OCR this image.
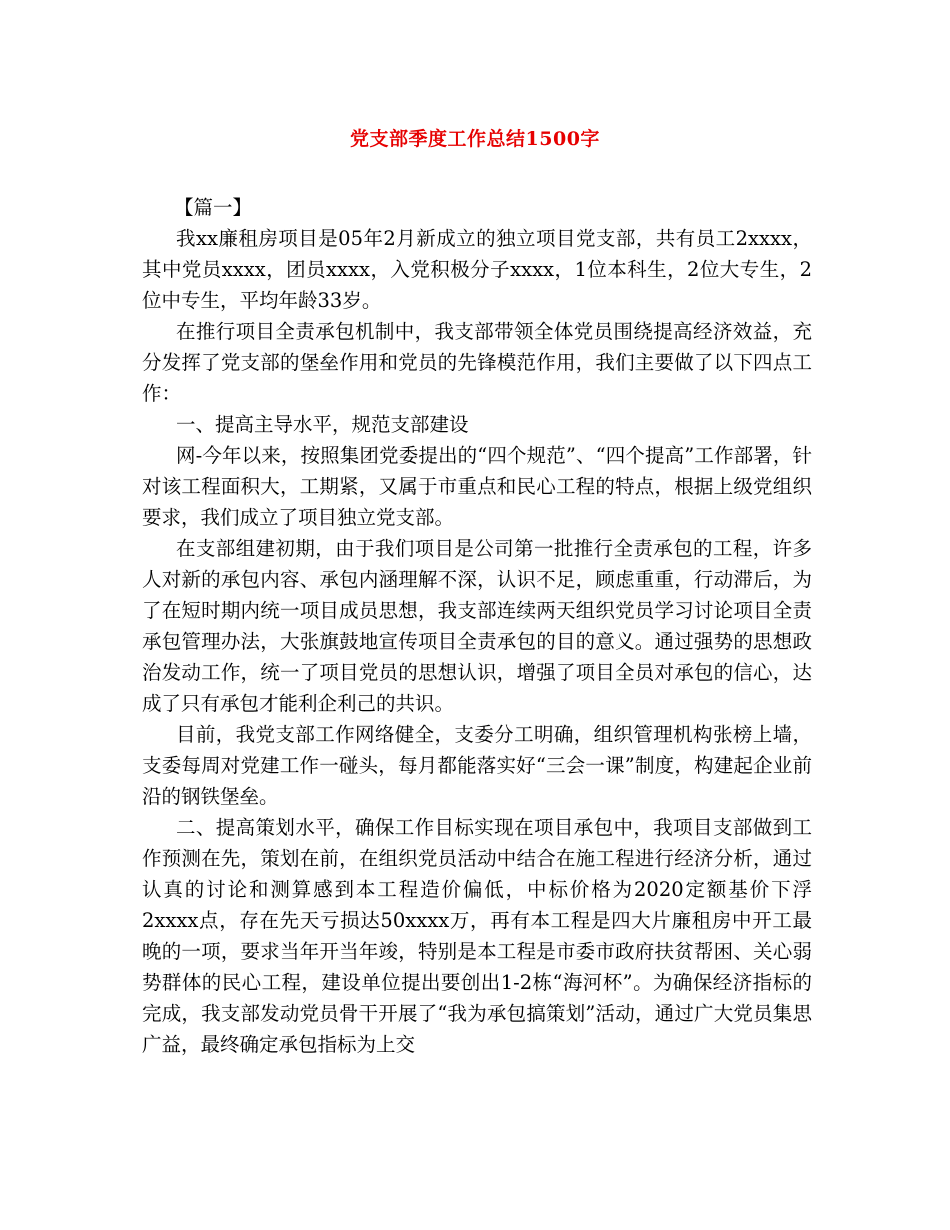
党支部季度工作总结1500字

【篇一】

我xx廉租房项目是05年2月新成立的独立项目党支部，共有员工2xxxx，其中党员xxxx，团员xxxx，入党积极分子xxxx，1位本科生，2位大专生，2位中专生，平均年龄33岁。

在推行项目全责承包机制中，我支部带领全体党员围绕提高经济效益，充分发挥了党支部的堡垒作用和党员的先锋模范作用，我们主要做了以下四点工作：

一、提高主导水平，规范支部建设

网-今年以来，按照集团党委提出的“四个规范”、“四个提高”工作部署，针对该工程面积大，工期紧，又属于市重点和民心工程的特点，根据上级党组织要求，我们成立了项目独立党支部。

在支部组建初期，由于我们项目是公司第一批推行全责承包的工程，许多人对新的承包内容、承包内涵理解不深，认识不足，顾虑重重，行动滞后，为了在短时期内统一项目成员思想，我支部连续两天组织党员学习讨论项目全责承包管理办法，大张旗鼓地宣传项目全责承包的目的意义。通过强势的思想政治发动工作，统一了项目党员的思想认识，增强了项目全员对承包的信心，达成了只有承包才能利企利己的共识。

目前，我党支部工作网络健全，支委分工明确，组织管理机构张榜上墙，支委每周对党建工作一碰头，每月都能落实好“三会一课”制度，构建起企业前沿的钢铁堡垒。

二、提高策划水平，确保工作目标实现在项目承包中，我项目支部做到工作预测在先，策划在前，在组织党员活动中结合在施工程进行经济分析，通过认真的讨论和测算感到本工程造价偏低，中标价格为2020定额基价下浮2xxxx点，存在先天亏损达50xxxx万，再有本工程是四大片廉租房中开工最晚的一项，要求当年开当年竣，特别是本工程是市委市政府扶贫帮困、关心弱势群体的民心工程，建设单位提出要创出1-2栋“海河杯”。为确保经济指标的完成，我支部发动党员骨干开展了“我为承包搞策划”活动，通过广大党员集思广益，最终确定承包指标为上交
